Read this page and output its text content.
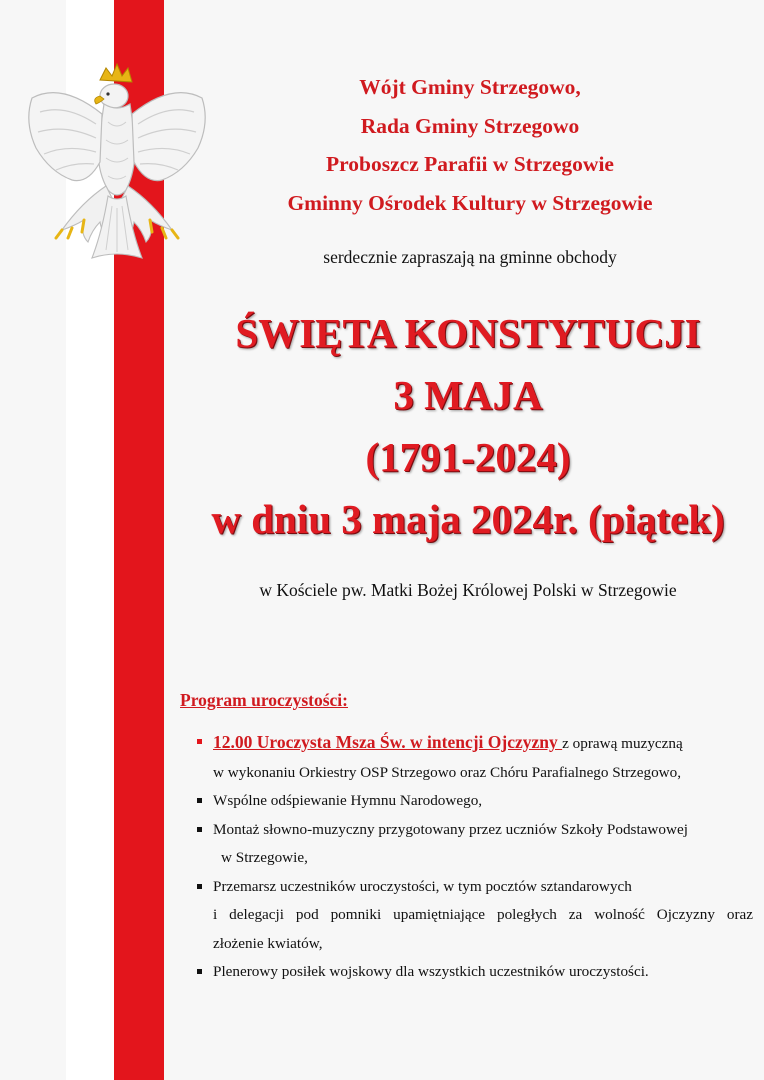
Wójt Gminy Strzegowo,
Rada Gminy Strzegowo
Proboszcz Parafii w Strzegowie
Gminny Ośrodek Kultury w Strzegowie
serdecznie zapraszają na gminne obchody
ŚWIĘTA KONSTYTUCJI
3 MAJA
(1791-2024)
w dniu 3 maja 2024r. (piątek)
w Kościele pw. Matki Bożej Królowej Polski w Strzegowie
Program uroczystości:
12.00 Uroczysta Msza Św. w intencji Ojczyzny z oprawą muzyczną
w wykonaniu Orkiestry OSP Strzegowo oraz Chóru Parafialnego Strzegowo,
Wspólne odśpiewanie Hymnu Narodowego,
Montaż słowno-muzyczny przygotowany przez uczniów Szkoły Podstawowej
w Strzegowie,
Przemarsz uczestników uroczystości, w tym pocztów sztandarowych
i delegacji pod pomniki upamiętniające poległych za wolność Ojczyzny oraz
złożenie kwiatów,
Plenerowy posiłek wojskowy dla wszystkich uczestników uroczystości.
